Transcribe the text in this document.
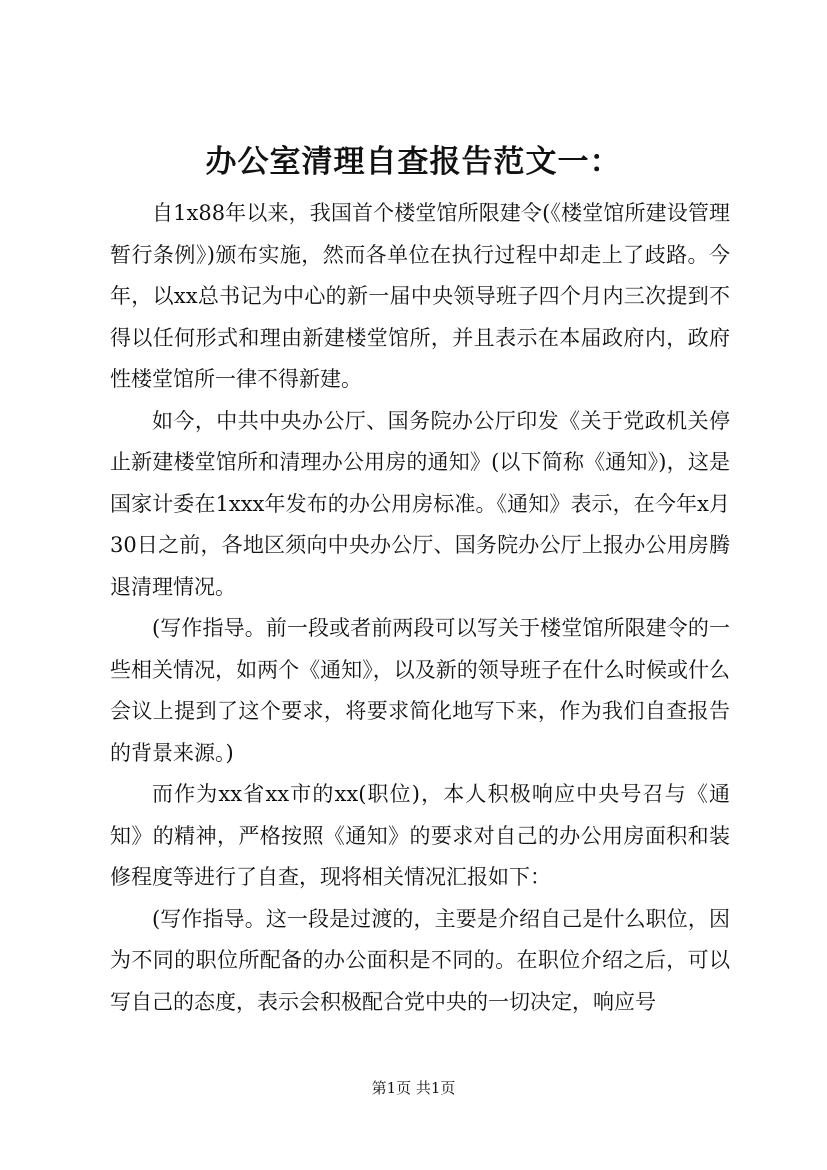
办公室清理自查报告范文一：

自1x88年以来，我国首个楼堂馆所限建令(《楼堂馆所建设管理暂行条例》)颁布实施，然而各单位在执行过程中却走上了歧路。今年，以xx总书记为中心的新一届中央领导班子四个月内三次提到不得以任何形式和理由新建楼堂馆所，并且表示在本届政府内，政府性楼堂馆所一律不得新建。

如今，中共中央办公厅、国务院办公厅印发《关于党政机关停止新建楼堂馆所和清理办公用房的通知》(以下简称《通知》)，这是国家计委在1xxx年发布的办公用房标准。《通知》表示，在今年x月30日之前，各地区须向中央办公厅、国务院办公厅上报办公用房腾退清理情况。

(写作指导。前一段或者前两段可以写关于楼堂馆所限建令的一些相关情况，如两个《通知》，以及新的领导班子在什么时候或什么会议上提到了这个要求，将要求简化地写下来，作为我们自查报告的背景来源。)

而作为xx省xx市的xx(职位)，本人积极响应中央号召与《通知》的精神，严格按照《通知》的要求对自己的办公用房面积和装修程度等进行了自查，现将相关情况汇报如下：

(写作指导。这一段是过渡的，主要是介绍自己是什么职位，因为不同的职位所配备的办公面积是不同的。在职位介绍之后，可以写自己的态度，表示会积极配合党中央的一切决定，响应号

第1页 共1页
